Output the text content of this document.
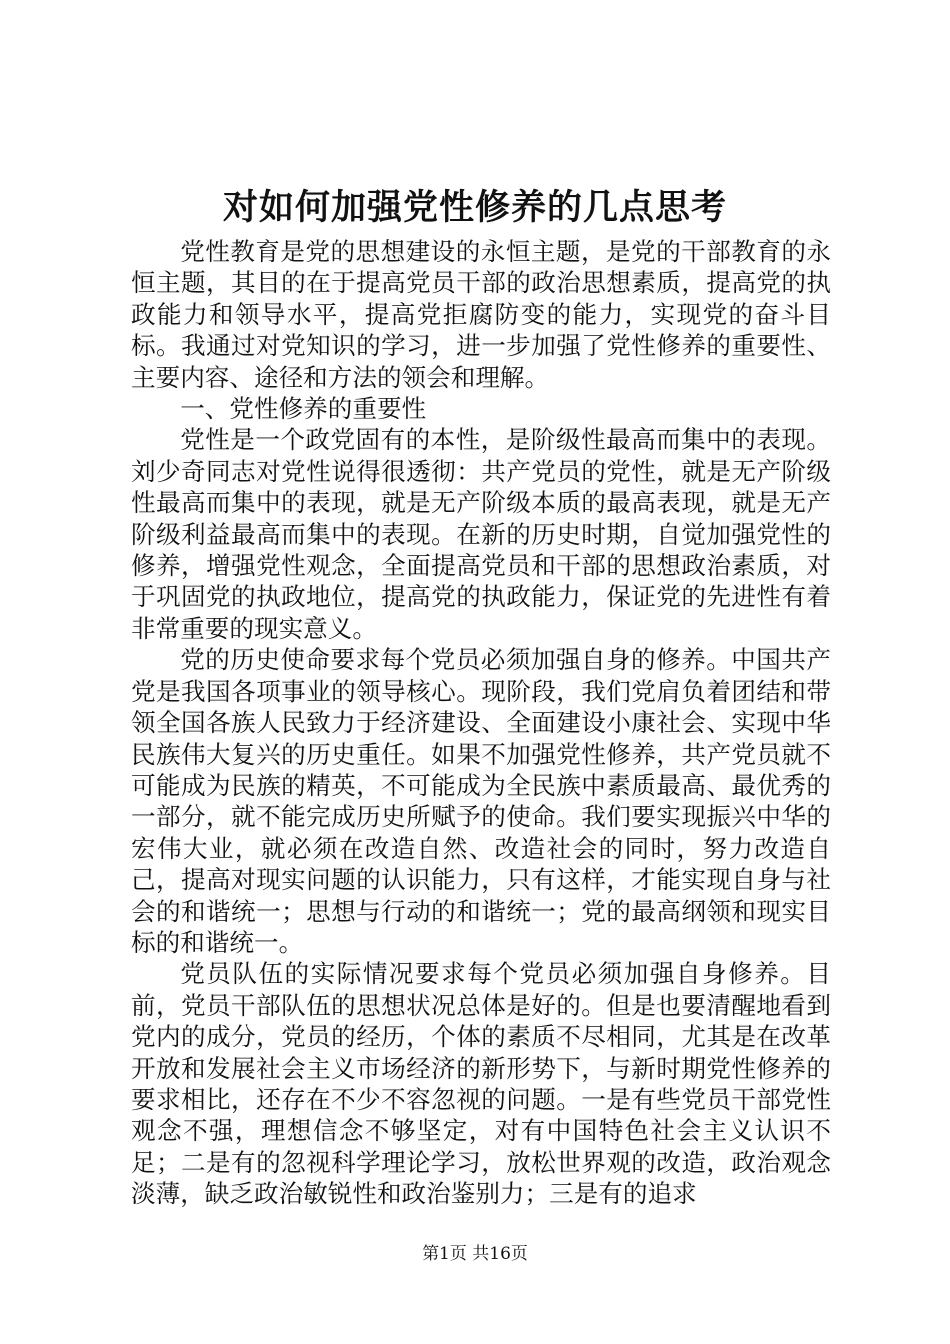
对如何加强党性修养的几点思考

党性教育是党的思想建设的永恒主题，是党的干部教育的永恒主题，其目的在于提高党员干部的政治思想素质，提高党的执政能力和领导水平，提高党拒腐防变的能力，实现党的奋斗目标。我通过对党知识的学习，进一步加强了党性修养的重要性、主要内容、途径和方法的领会和理解。

一、党性修养的重要性

党性是一个政党固有的本性，是阶级性最高而集中的表现。刘少奇同志对党性说得很透彻：共产党员的党性，就是无产阶级性最高而集中的表现，就是无产阶级本质的最高表现，就是无产阶级利益最高而集中的表现。在新的历史时期，自觉加强党性的修养，增强党性观念，全面提高党员和干部的思想政治素质，对于巩固党的执政地位，提高党的执政能力，保证党的先进性有着非常重要的现实意义。

党的历史使命要求每个党员必须加强自身的修养。中国共产党是我国各项事业的领导核心。现阶段，我们党肩负着团结和带领全国各族人民致力于经济建设、全面建设小康社会、实现中华民族伟大复兴的历史重任。如果不加强党性修养，共产党员就不可能成为民族的精英，不可能成为全民族中素质最高、最优秀的一部分，就不能完成历史所赋予的使命。我们要实现振兴中华的宏伟大业，就必须在改造自然、改造社会的同时，努力改造自己，提高对现实问题的认识能力，只有这样，才能实现自身与社会的和谐统一；思想与行动的和谐统一；党的最高纲领和现实目标的和谐统一。

党员队伍的实际情况要求每个党员必须加强自身修养。目前，党员干部队伍的思想状况总体是好的。但是也要清醒地看到党内的成分，党员的经历，个体的素质不尽相同，尤其是在改革开放和发展社会主义市场经济的新形势下，与新时期党性修养的要求相比，还存在不少不容忽视的问题。一是有些党员干部党性观念不强，理想信念不够坚定，对有中国特色社会主义认识不足；二是有的忽视科学理论学习，放松世界观的改造，政治观念淡薄，缺乏政治敏锐性和政治鉴别力；三是有的追求

第1页 共16页
